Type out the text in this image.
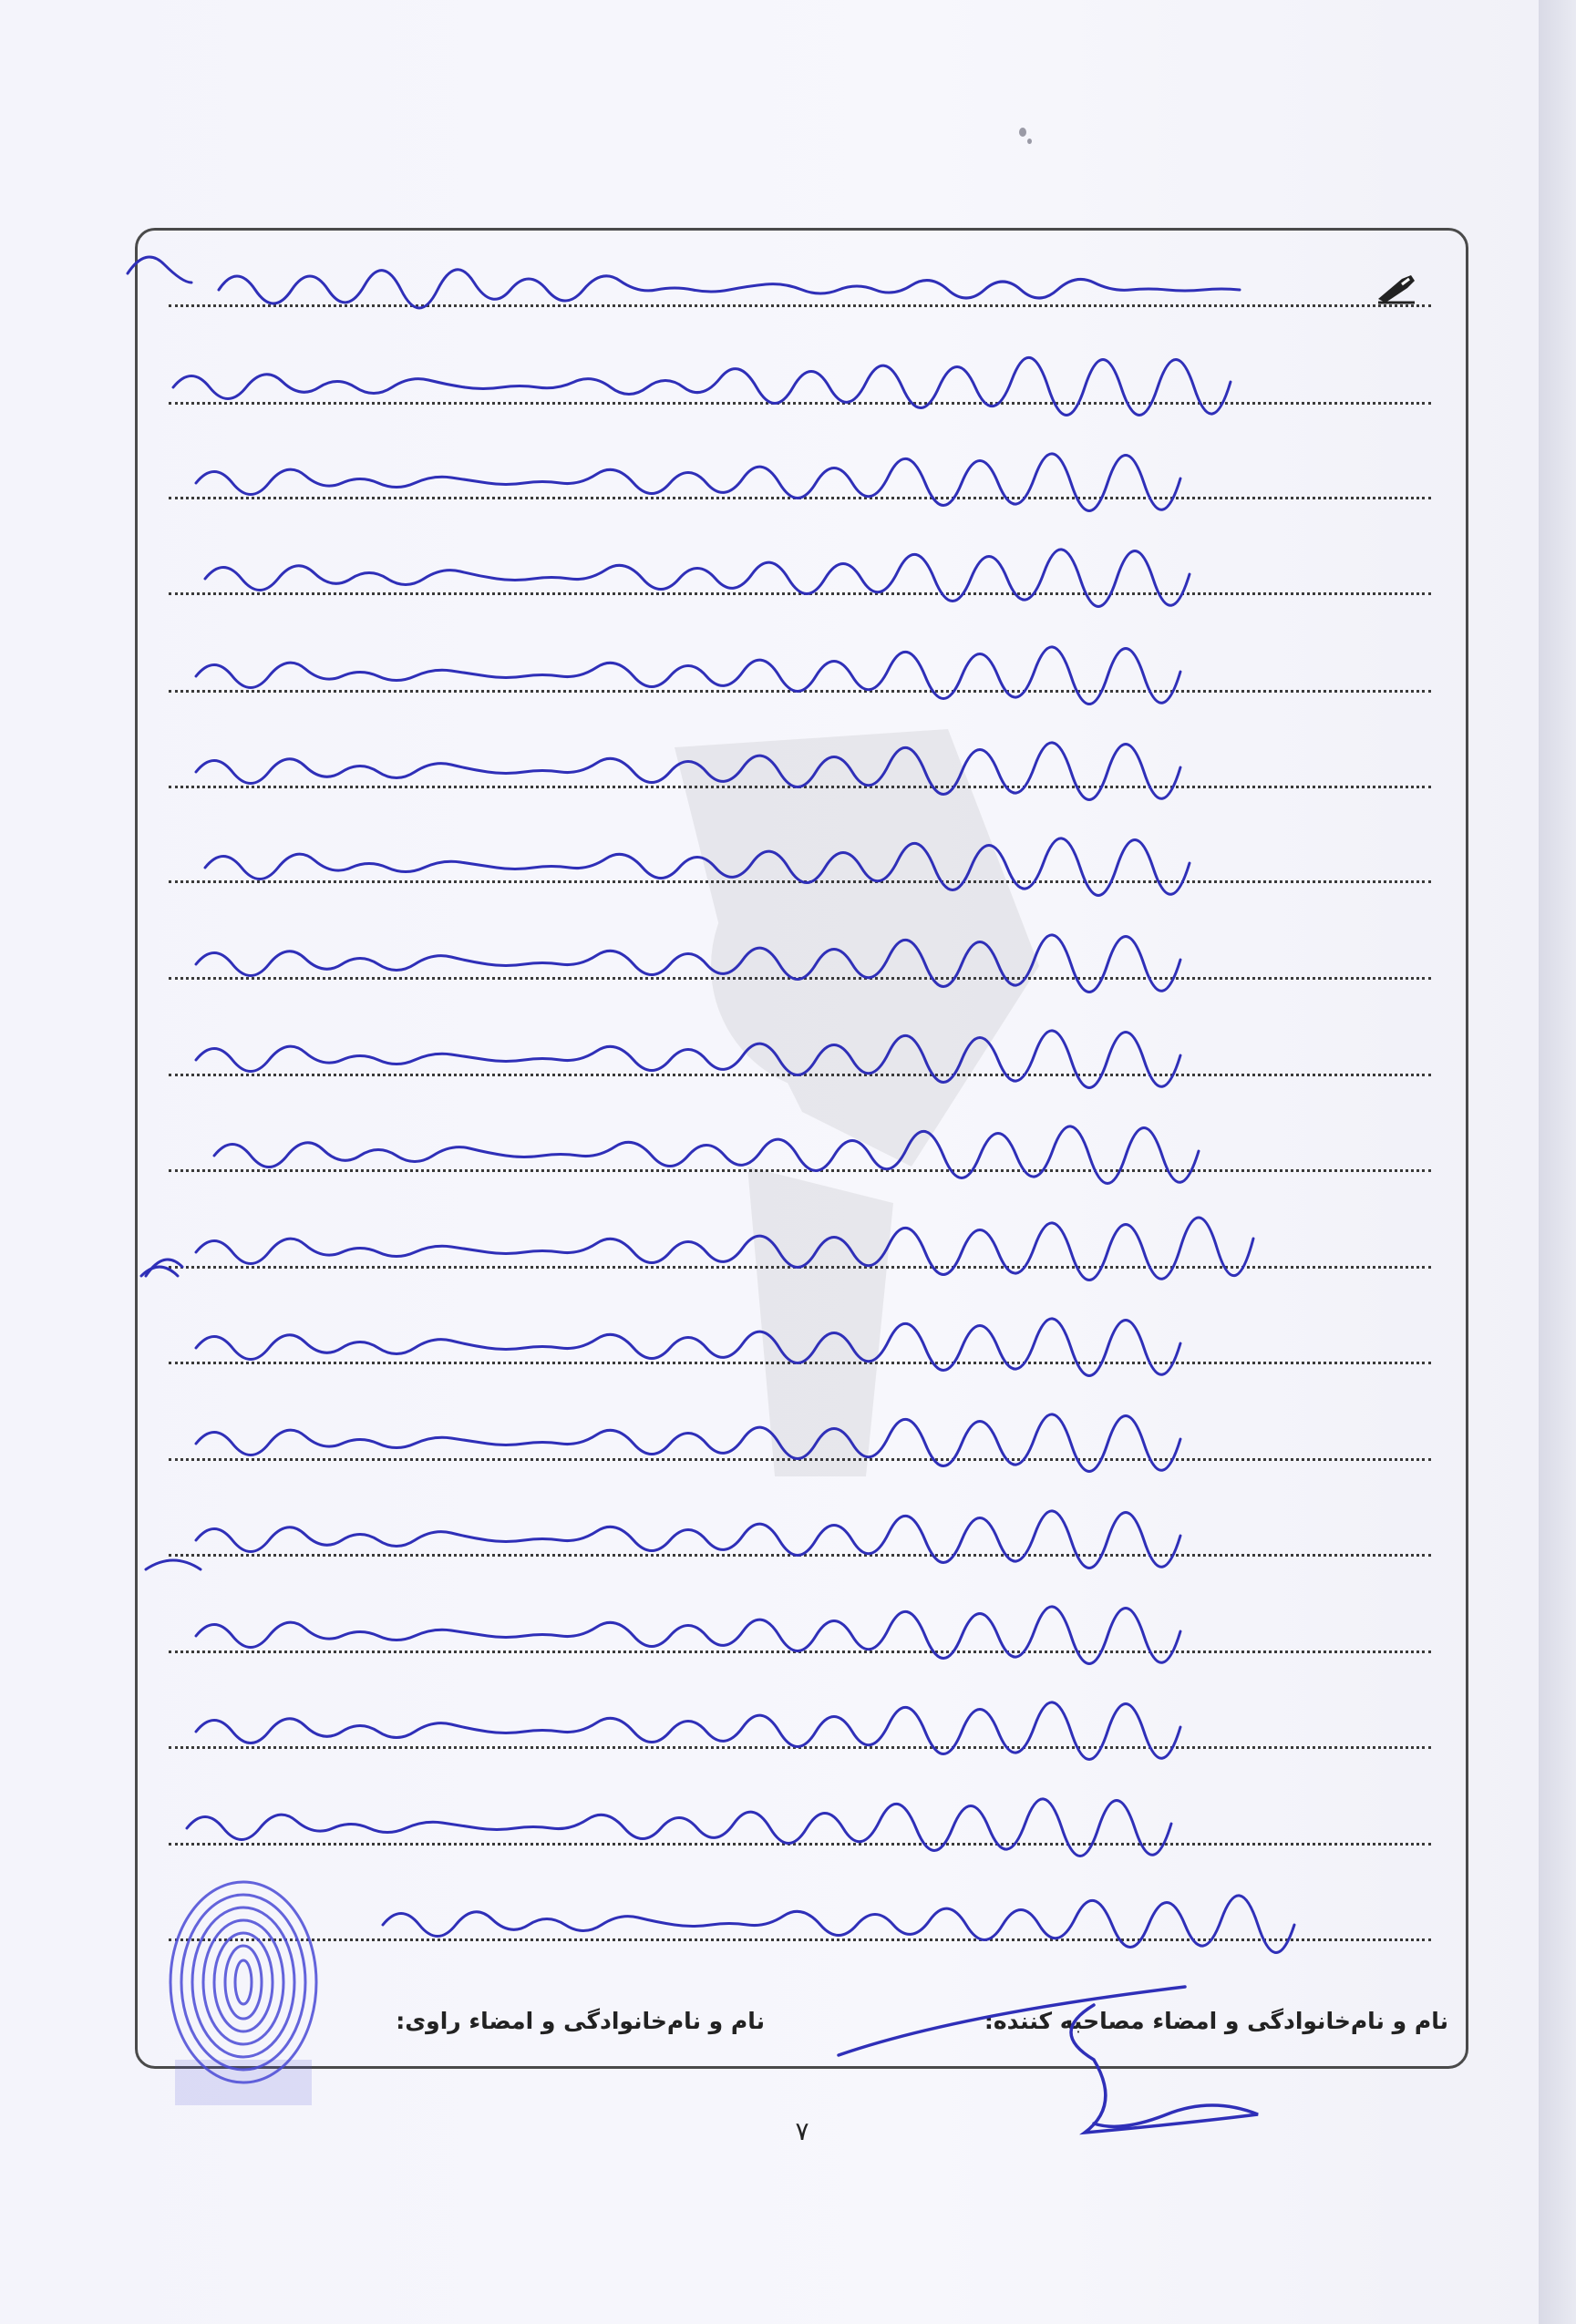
نام و نام‌خانوادگی و امضاء مصاحبه کننده:
نام و نام‌خانوادگی و امضاء راوی:
۷
